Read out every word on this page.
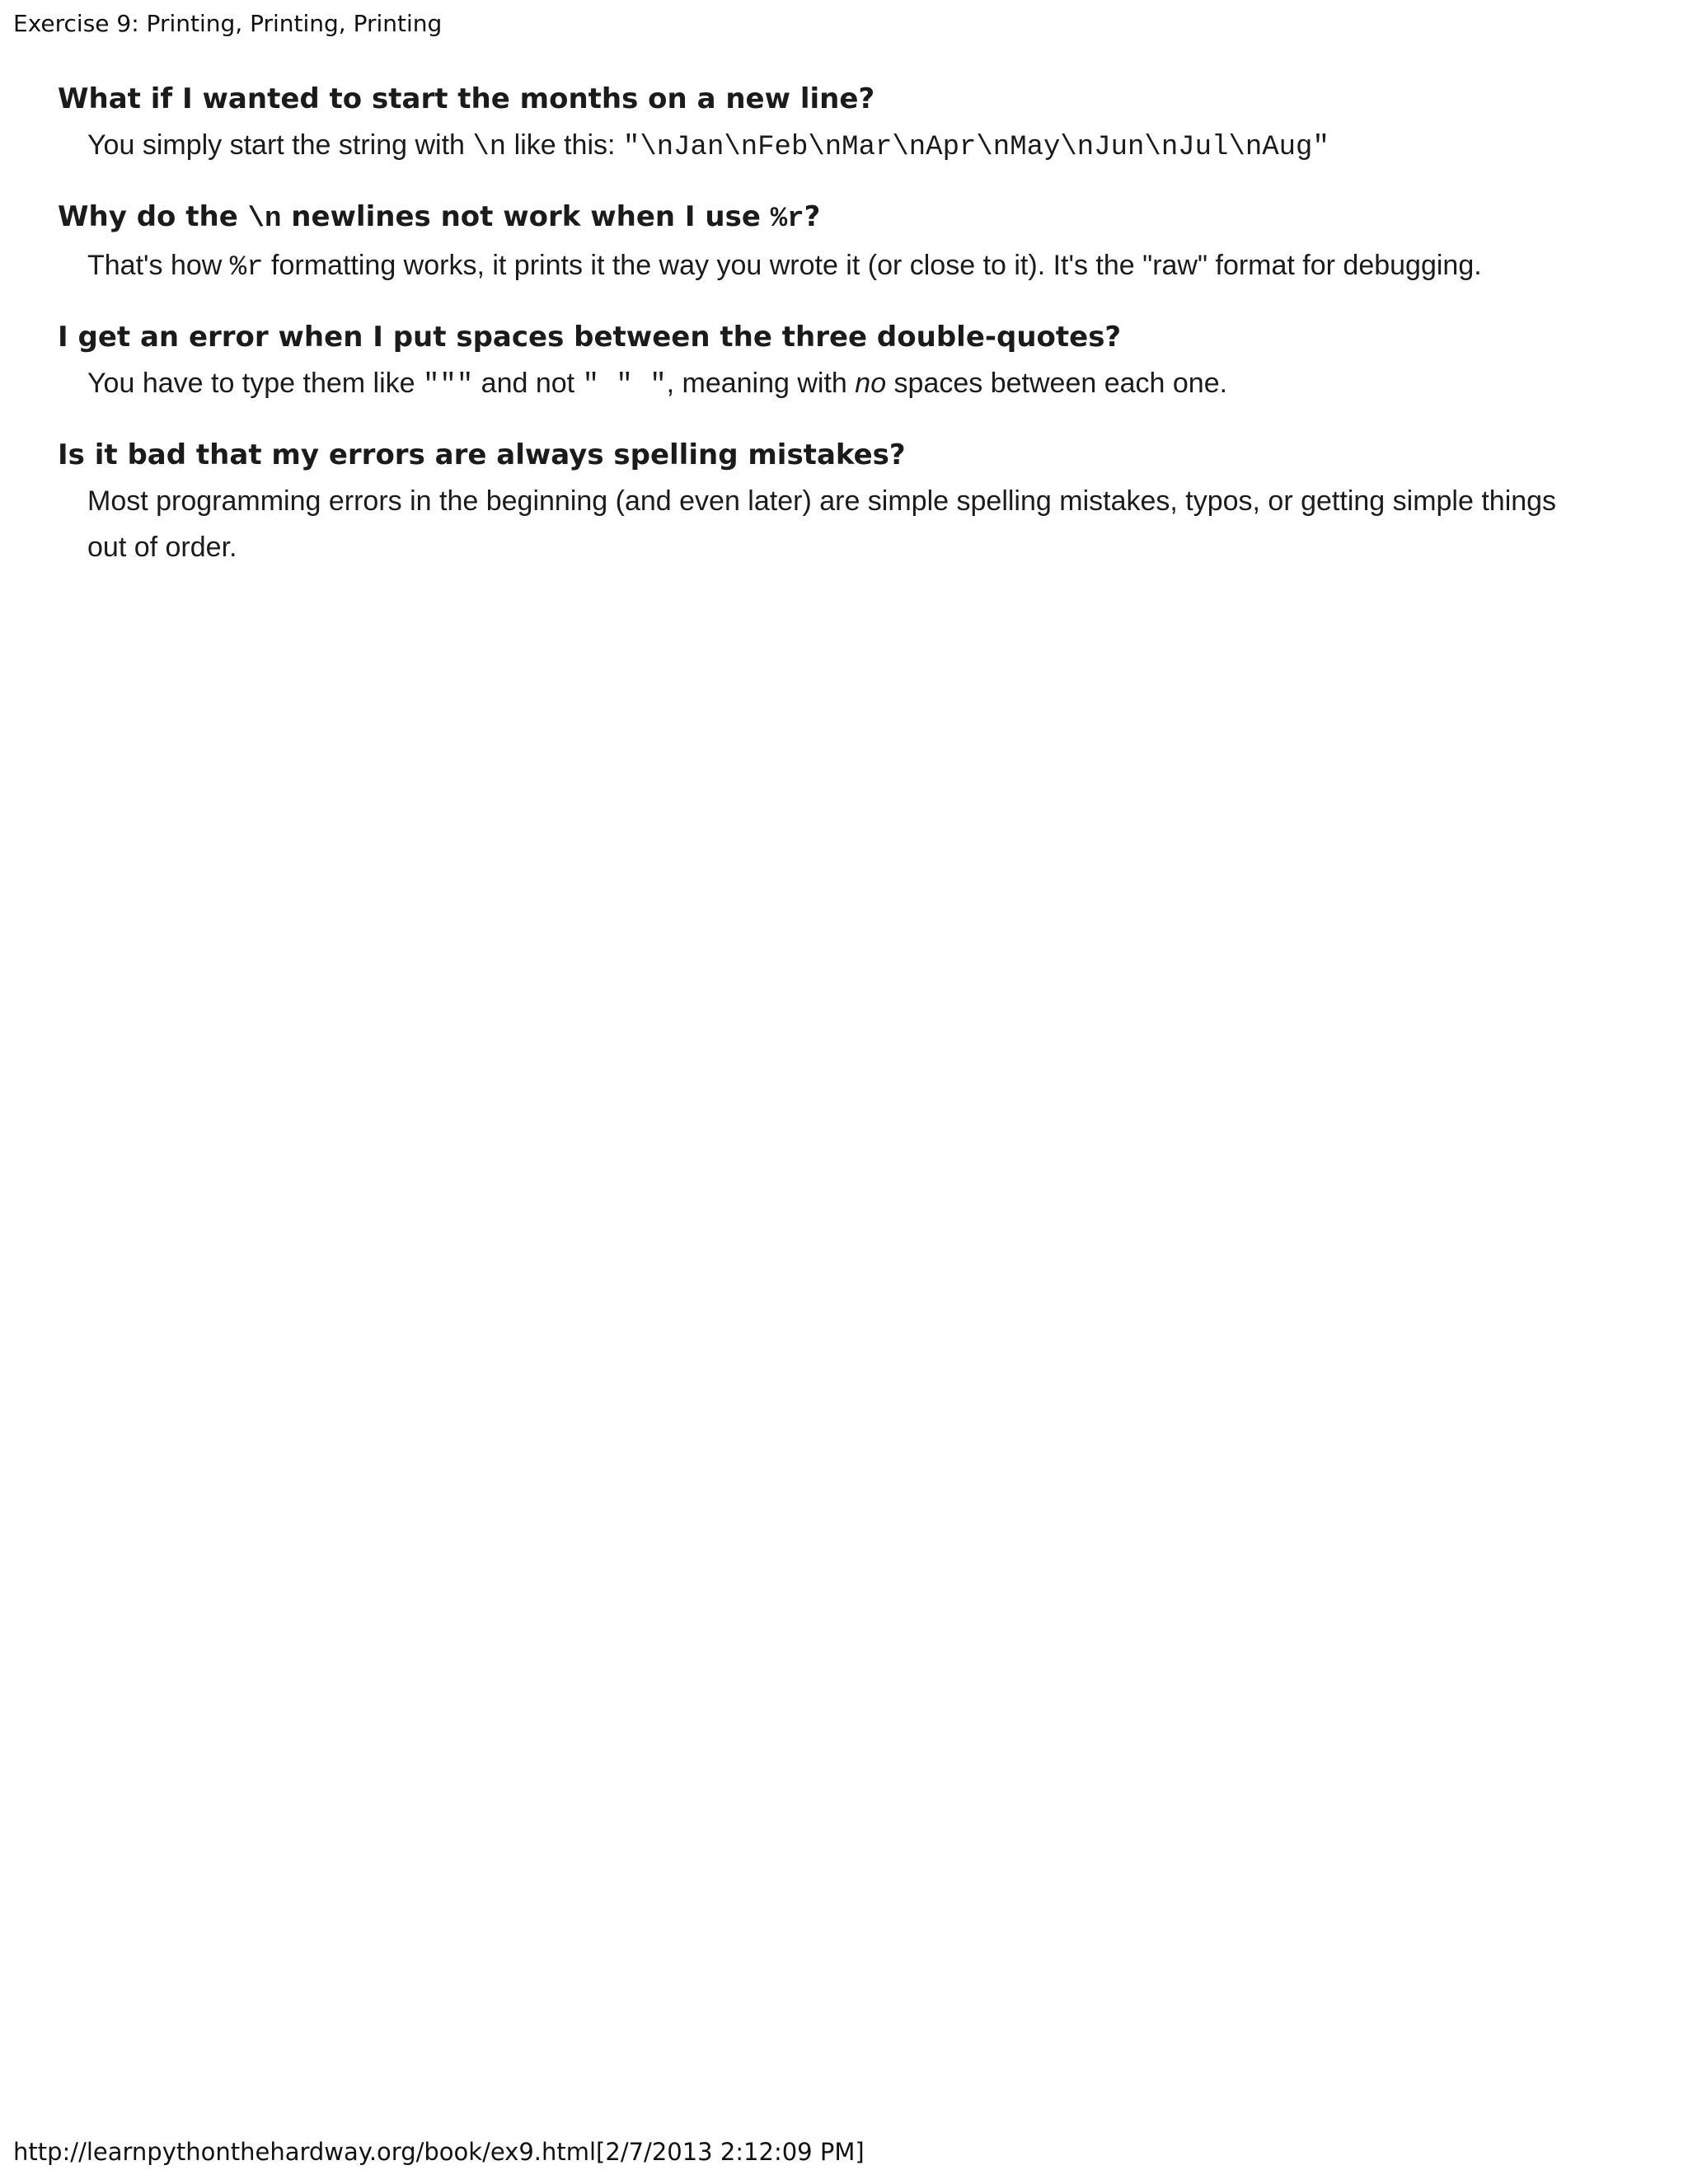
Exercise 9: Printing, Printing, Printing

What if I wanted to start the months on a new line?

You simply start the string with \n like this: "\nJan\nFeb\nMar\nApr\nMay\nJun\nJul\nAug"

Why do the \n newlines not work when I use %r?

That's how %r formatting works, it prints it the way you wrote it (or close to it). It's the "raw" format for debugging.

I get an error when I put spaces between the three double-quotes?

You have to type them like """ and not " " ", meaning with no spaces between each one.

Is it bad that my errors are always spelling mistakes?

Most programming errors in the beginning (and even later) are simple spelling mistakes, typos, or getting simple things out of order.

http://learnpythonthehardway.org/book/ex9.html[2/7/2013 2:12:09 PM]
